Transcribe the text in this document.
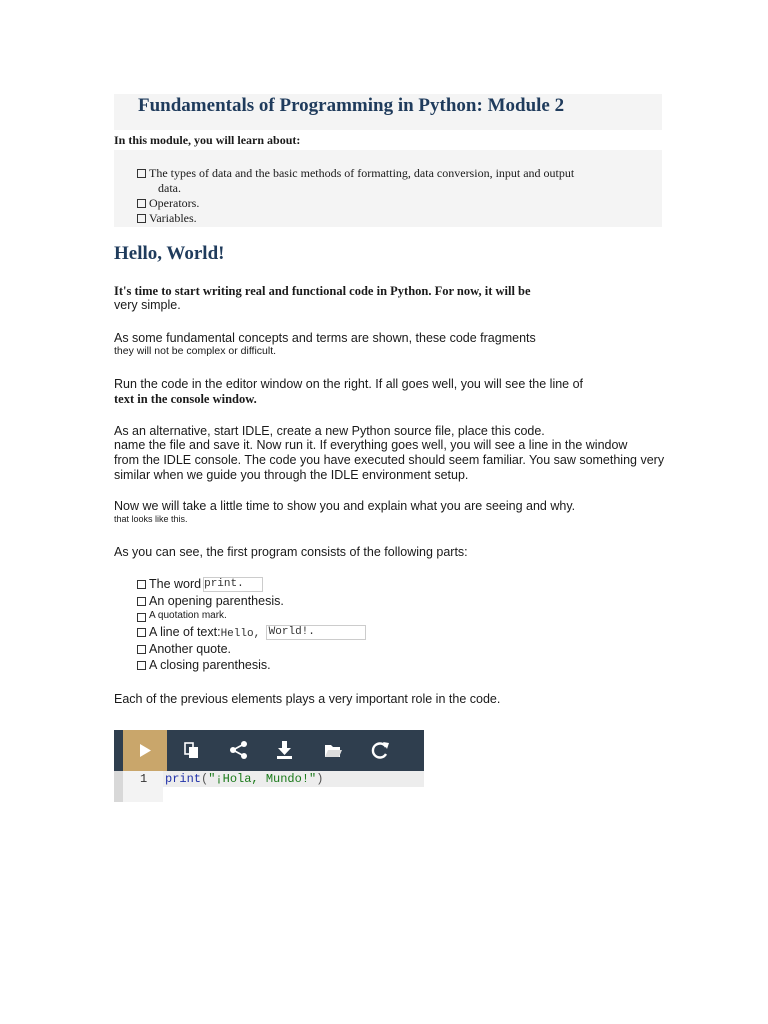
Fundamentals of Programming in Python: Module 2
In this module, you will learn about:
The types of data and the basic methods of formatting, data conversion, input and output
data.
Operators.
Variables.
Hello, World!
It's time to start writing real and functional code in Python. For now, it will be
very simple.
As some fundamental concepts and terms are shown, these code fragments
they will not be complex or difficult.
Run the code in the editor window on the right. If all goes well, you will see the line of
text in the console window.
As an alternative, start IDLE, create a new Python source file, place this code.
name the file and save it. Now run it. If everything goes well, you will see a line in the window
from the IDLE console. The code you have executed should seem familiar. You saw something very
similar when we guide you through the IDLE environment setup.
Now we will take a little time to show you and explain what you are seeing and why.
that looks like this.
As you can see, the first program consists of the following parts:
The word print.
An opening parenthesis.
A quotation mark.
A line of text:Hello, World!.
Another quote.
A closing parenthesis.
Each of the previous elements plays a very important role in the code.
1 print("¡Hola, Mundo!")
